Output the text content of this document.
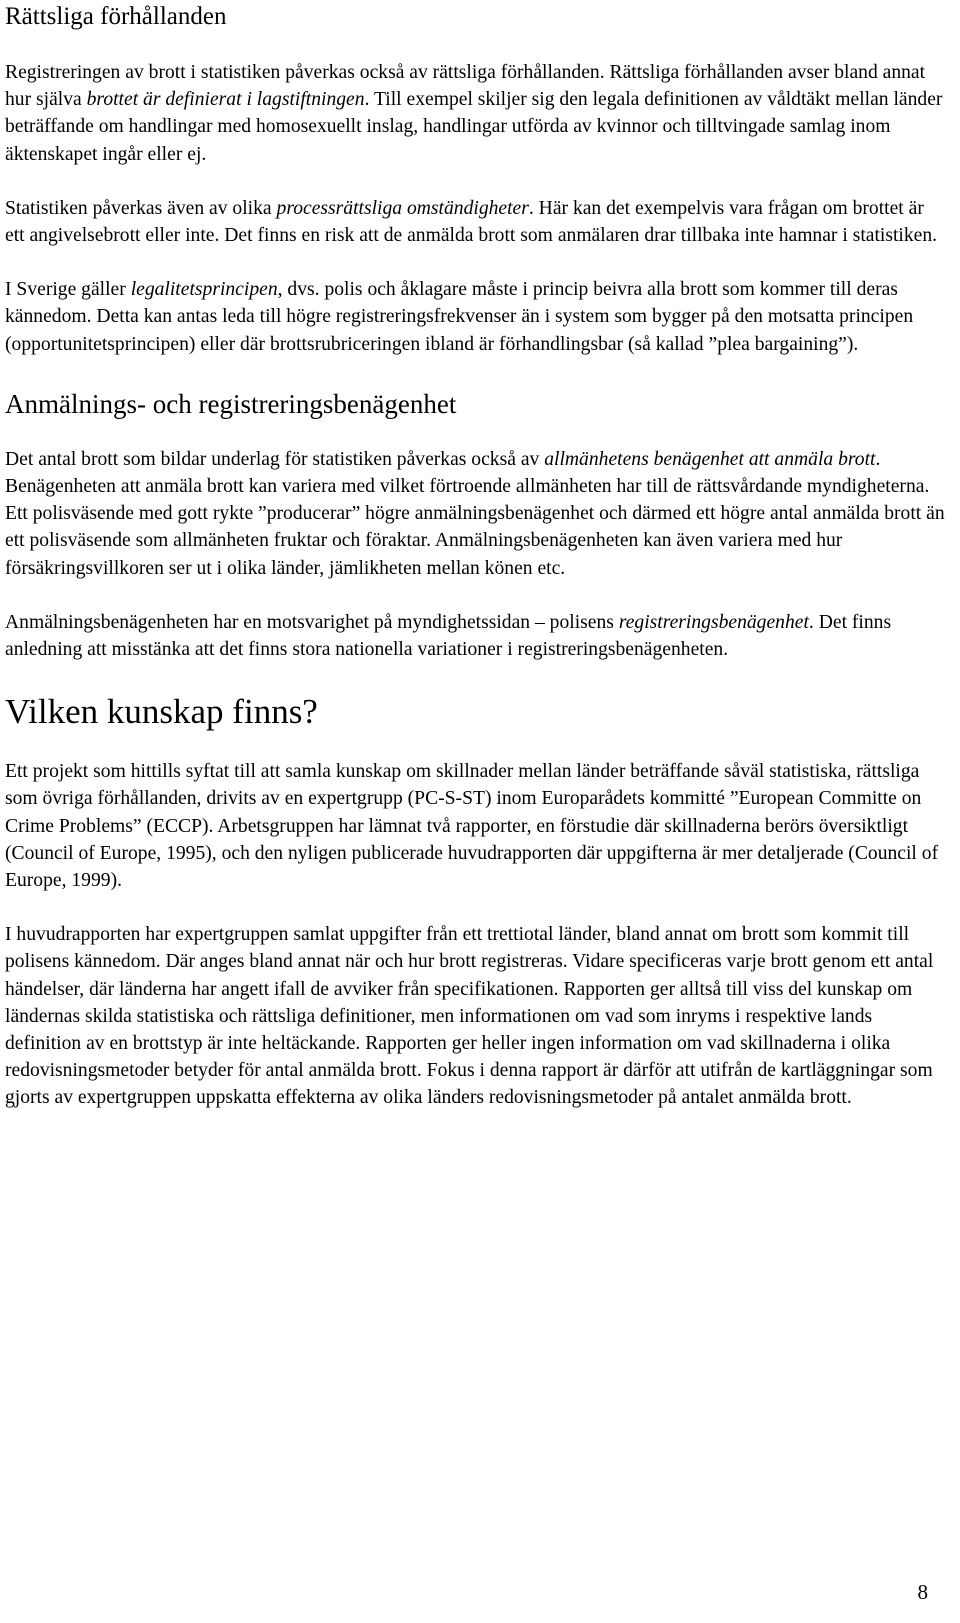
Rättsliga förhållanden

Registreringen av brott i statistiken påverkas också av rättsliga förhållanden. Rättsliga förhållanden avser bland annat hur själva brottet är definierat i lagstiftningen. Till exempel skiljer sig den legala definitionen av våldtäkt mellan länder beträffande om handlingar med homosexuellt inslag, handlingar utförda av kvinnor och tilltvingade samlag inom äktenskapet ingår eller ej.

Statistiken påverkas även av olika processrättsliga omständigheter. Här kan det exempelvis vara frågan om brottet är ett angivelsebrott eller inte. Det finns en risk att de anmälda brott som anmälaren drar tillbaka inte hamnar i statistiken.

I Sverige gäller legalitetsprincipen, dvs. polis och åklagare måste i princip beivra alla brott som kommer till deras kännedom. Detta kan antas leda till högre registreringsfrekvenser än i system som bygger på den motsatta principen (opportunitetsprincipen) eller där brottsrubriceringen ibland är förhandlingsbar (så kallad ”plea bargaining”).

Anmälnings- och registreringsbenägenhet

Det antal brott som bildar underlag för statistiken påverkas också av allmänhetens benägenhet att anmäla brott. Benägenheten att anmäla brott kan variera med vilket förtroende allmänheten har till de rättsvårdande myndigheterna. Ett polisväsende med gott rykte ”producerar” högre anmälningsbenägenhet och därmed ett högre antal anmälda brott än ett polisväsende som allmänheten fruktar och föraktar. Anmälningsbenägenheten kan även variera med hur försäkringsvillkoren ser ut i olika länder, jämlikheten mellan könen etc.

Anmälningsbenägenheten har en motsvarighet på myndighetssidan – polisens registreringsbenägenhet. Det finns anledning att misstänka att det finns stora nationella variationer i registreringsbenägenheten.

Vilken kunskap finns?

Ett projekt som hittills syftat till att samla kunskap om skillnader mellan länder beträffande såväl statistiska, rättsliga som övriga förhållanden, drivits av en expertgrupp (PC-S-ST) inom Europarådets kommitté ”European Committe on Crime Problems” (ECCP). Arbetsgruppen har lämnat två rapporter, en förstudie där skillnaderna berörs översiktligt (Council of Europe, 1995), och den nyligen publicerade huvudrapporten där uppgifterna är mer detaljerade (Council of Europe, 1999).

I huvudrapporten har expertgruppen samlat uppgifter från ett trettiotal länder, bland annat om brott som kommit till polisens kännedom. Där anges bland annat när och hur brott registreras. Vidare specificeras varje brott genom ett antal händelser, där länderna har angett ifall de avviker från specifikationen. Rapporten ger alltså till viss del kunskap om ländernas skilda statistiska och rättsliga definitioner, men informationen om vad som inryms i respektive lands definition av en brottstyp är inte heltäckande. Rapporten ger heller ingen information om vad skillnaderna i olika redovisningsmetoder betyder för antal anmälda brott. Fokus i denna rapport är därför att utifrån de kartläggningar som gjorts av expertgruppen uppskatta effekterna av olika länders redovisningsmetoder på antalet anmälda brott.

8
